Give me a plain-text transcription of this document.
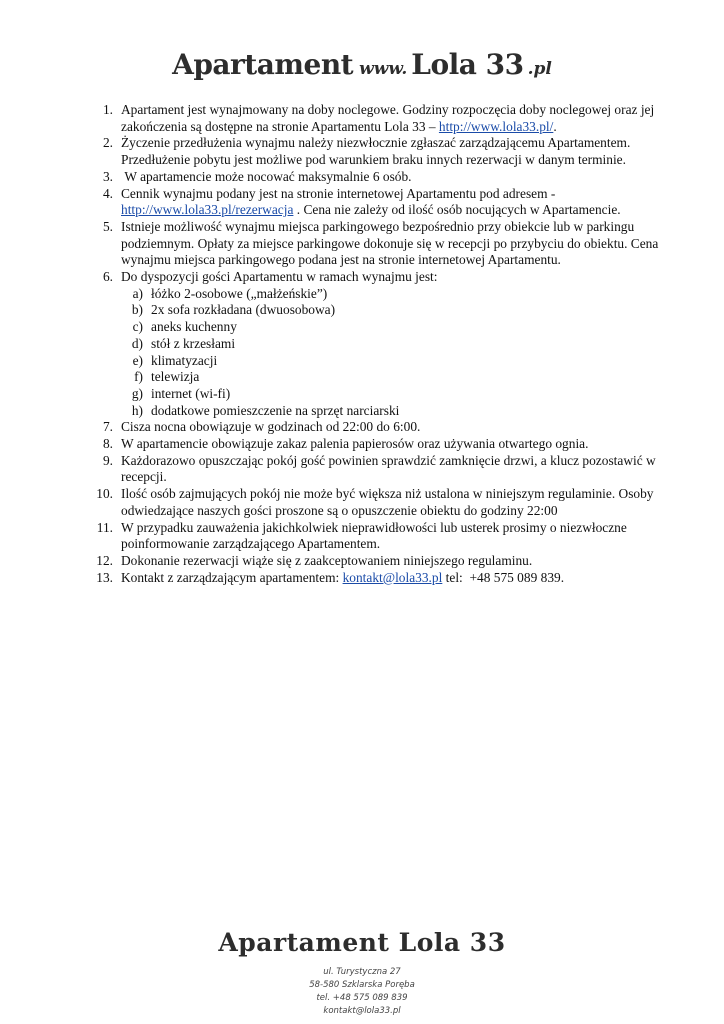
Apartament www. Lola 33 .pl
1. Apartament jest wynajmowany na doby noclegowe. Godziny rozpoczęcia doby noclegowej oraz jej zakończenia są dostępne na stronie Apartamentu Lola 33 – http://www.lola33.pl/.
2. Życzenie przedłużenia wynajmu należy niezwłocznie zgłaszać zarządzającemu Apartamentem. Przedłużenie pobytu jest możliwe pod warunkiem braku innych rezerwacji w danym terminie.
3. W apartamencie może nocować maksymalnie 6 osób.
4. Cennik wynajmu podany jest na stronie internetowej Apartamentu pod adresem - http://www.lola33.pl/rezerwacja . Cena nie zależy od ilość osób nocujących w Apartamencie.
5. Istnieje możliwość wynajmu miejsca parkingowego bezpośrednio przy obiekcie lub w parkingu podziemnym. Opłaty za miejsce parkingowe dokonuje się w recepcji po przybyciu do obiektu. Cena wynajmu miejsca parkingowego podana jest na stronie internetowej Apartamentu.
6. Do dyspozycji gości Apartamentu w ramach wynajmu jest:
a) łóżko 2-osobowe („małżeńskie”)
b) 2x sofa rozkładana (dwuosobowa)
c) aneks kuchenny
d) stół z krzesłami
e) klimatyzacji
f) telewizja
g) internet (wi-fi)
h) dodatkowe pomieszczenie na sprzęt narciarski
7. Cisza nocna obowiązuje w godzinach od 22:00 do 6:00.
8. W apartamencie obowiązuje zakaz palenia papierosów oraz używania otwartego ognia.
9. Każdorazowo opuszczając pokój gość powinien sprawdzić zamknięcie drzwi, a klucz pozostawić w recepcji.
10. Ilość osób zajmujących pokój nie może być większa niż ustalona w niniejszym regulaminie. Osoby odwiedzające naszych gości proszone są o opuszczenie obiektu do godziny 22:00
11. W przypadku zauważenia jakichkolwiek nieprawidłowości lub usterek prosimy o niezwłoczne poinformowanie zarządzającego Apartamentem.
12. Dokonanie rezerwacji wiąże się z zaakceptowaniem niniejszego regulaminu.
13. Kontakt z zarządzającym apartamentem: kontakt@lola33.pl tel:  +48 575 089 839.
Apartament Lola 33
ul. Turystyczna 27
58-580 Szklarska Poręba
tel. +48 575 089 839
kontakt@lola33.pl
